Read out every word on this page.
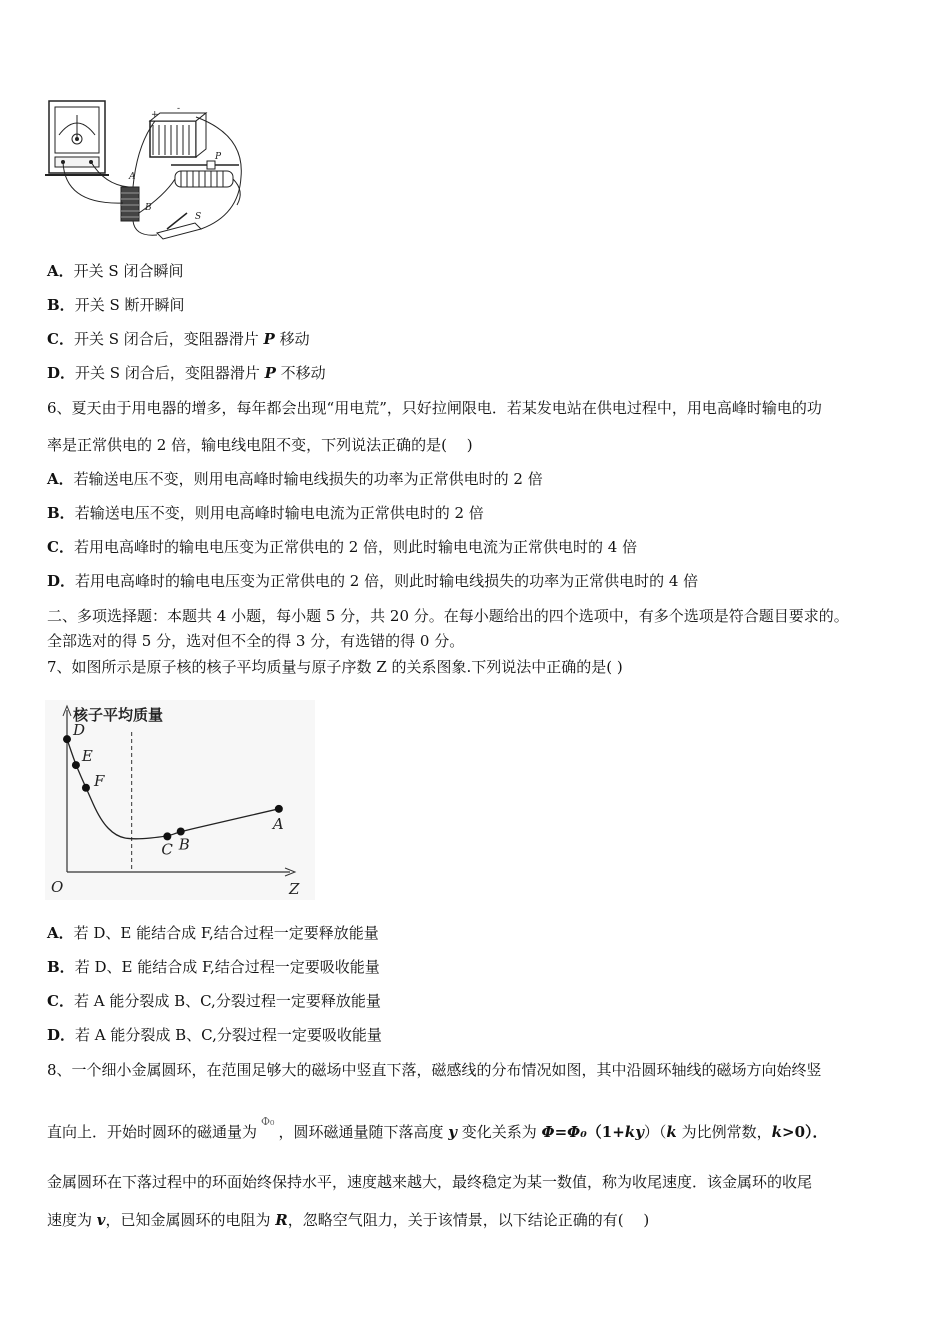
+
-
A
B
P
S
A．开关 S 闭合瞬间
B．开关 S 断开瞬间
C．开关 S 闭合后，变阻器滑片 P 移动
D．开关 S 闭合后，变阻器滑片 P 不移动
6、夏天由于用电器的增多，每年都会出现“用电荒”，只好拉闸限电．若某发电站在供电过程中，用电高峰时输电的功
率是正常供电的 2 倍，输电线电阻不变，下列说法正确的是(　 )
A．若输送电压不变，则用电高峰时输电线损失的功率为正常供电时的 2 倍
B．若输送电压不变，则用电高峰时输电电流为正常供电时的 2 倍
C．若用电高峰时的输电电压变为正常供电的 2 倍，则此时输电电流为正常供电时的 4 倍
D．若用电高峰时的输电电压变为正常供电的 2 倍，则此时输电线损失的功率为正常供电时的 4 倍
二、多项选择题：本题共 4 小题，每小题 5 分，共 20 分。在每小题给出的四个选项中，有多个选项是符合题目要求的。
全部选对的得 5 分，选对但不全的得 3 分，有选错的得 0 分。
7、如图所示是原子核的核子平均质量与原子序数 Z 的关系图象.下列说法中正确的是( )
核子平均质量
Z
O
D
E
F
C B
A
A．若 D、E 能结合成 F,结合过程一定要释放能量
B．若 D、E 能结合成 F,结合过程一定要吸收能量
C．若 A 能分裂成 B、C,分裂过程一定要释放能量
D．若 A 能分裂成 B、C,分裂过程一定要吸收能量
8、一个细小金属圆环，在范围足够大的磁场中竖直下落，磁感线的分布情况如图，其中沿圆环轴线的磁场方向始终竖
直向上．开始时圆环的磁通量为$^{\Phi_0}$，圆环磁通量随下落高度 y 变化关系为 Φ=Φ₀（1+ky）（k 为比例常数，k>0）．
金属圆环在下落过程中的环面始终保持水平，速度越来越大，最终稳定为某一数值，称为收尾速度．该金属环的收尾
速度为 v，已知金属圆环的电阻为 R，忽略空气阻力，关于该情景，以下结论正确的有(　 )
